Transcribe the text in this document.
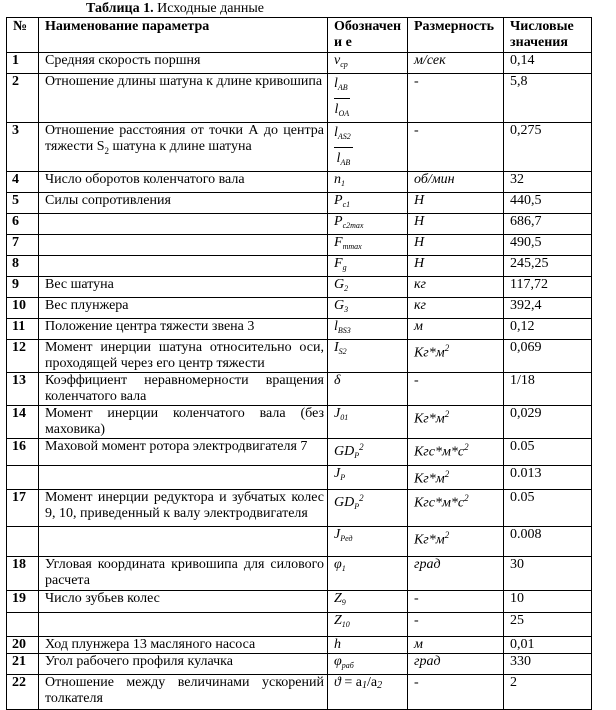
Таблица 1. Исходные данные
№	Наименование параметра	Обозначени е	Размерность	Числовые значения
1	Средняя скорость поршня	$v_{cp}$	м/сек	0,14
2	Отношение длины шатуна к длине кривошипа	$\frac{l_{AB}}{l_{OA}}$	-	5,8
3	Отношение расстояния от точки А до центра тяжести $S_2$ шатуна к длине шатуна	$\frac{l_{AS2}}{l_{AB}}$	-	0,275
4	Число оборотов коленчатого вала	$n_1$	об/мин	32
5	Силы сопротивления	$P_{c1}$	Н	440,5
6		$P_{c2max}$	Н	686,7
7		$F_{mmax}$	Н	490,5
8		$F_g$	Н	245,25
9	Вес шатуна	$G_2$	кг	117,72
10	Вес плунжера	$G_3$	кг	392,4
11	Положение центра тяжести звена 3	$l_{BS3}$	м	0,12
12	Момент инерции шатуна относительно оси, проходящей через его центр тяжести	$I_{S2}$	$Кг*м^2$	0,069
13	Коэффициент неравномерности вращения коленчатого вала	δ	-	1/18
14	Момент инерции коленчатого вала (без маховика)	$J_{01}$	$Кг*м^2$	0,029
16	Маховой момент ротора электродвигателя 7	$GD_P^2$	$Кгс*м*с^2$	0.05
		$J_P$	$Кг*м^2$	0.013
17	Момент инерции редуктора и зубчатых колес 9, 10, приведенный к валу электродвигателя	$GD_P^2$	$Кгс*м*с^2$	0.05
		$J_{Pед}$	$Кг*м^2$	0.008
18	Угловая координата кривошипа для силового расчета	$\varphi_1$	град	30
19	Число зубьев колес	$Z_9$	-	10
		$Z_{10}$	-	25
20	Ход плунжера 13 масляного насоса	h	м	0,01
21	Угол рабочего профиля кулачка	$\varphi_{раб}$	град	330
22	Отношение между величинами ускорений толкателя	$ϑ = a_1/a_2$	-	2
